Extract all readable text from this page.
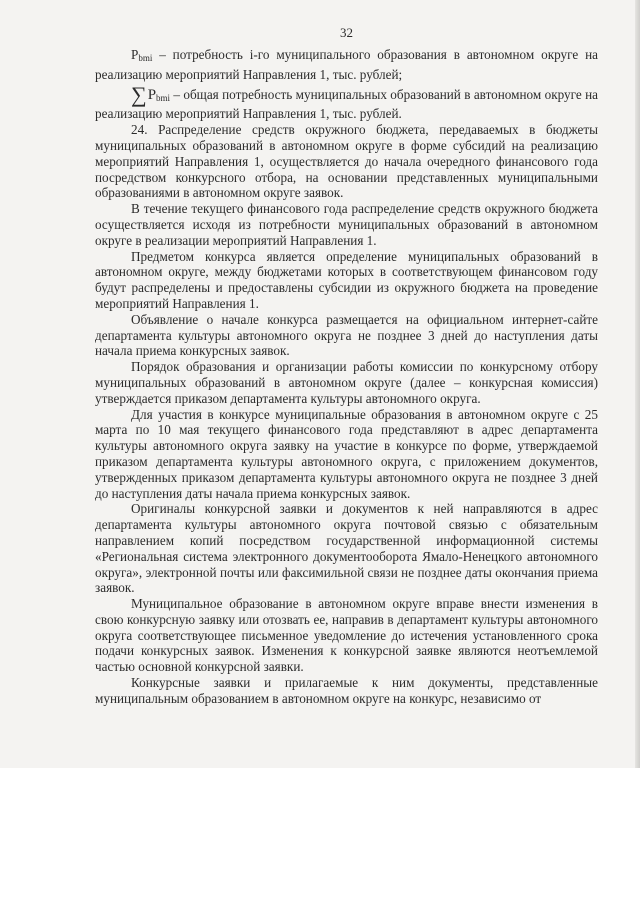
32

$P_{bmi}$ – потребность i-го муниципального образования в автономном округе на реализацию мероприятий Направления 1, тыс. рублей;

$\sum P_{bmi}$ – общая потребность муниципальных образований в автономном округе на реализацию мероприятий Направления 1, тыс. рублей.

24. Распределение средств окружного бюджета, передаваемых в бюджеты муниципальных образований в автономном округе в форме субсидий на реализацию мероприятий Направления 1, осуществляется до начала очередного финансового года посредством конкурсного отбора, на основании представленных муниципальными образованиями в автономном округе заявок.

В течение текущего финансового года распределение средств окружного бюджета осуществляется исходя из потребности муниципальных образований в автономном округе в реализации мероприятий Направления 1.

Предметом конкурса является определение муниципальных образований в автономном округе, между бюджетами которых в соответствующем финансовом году будут распределены и предоставлены субсидии из окружного бюджета на проведение мероприятий Направления 1.

Объявление о начале конкурса размещается на официальном интернет-сайте департамента культуры автономного округа не позднее 3 дней до наступления даты начала приема конкурсных заявок.

Порядок образования и организации работы комиссии по конкурсному отбору муниципальных образований в автономном округе (далее – конкурсная комиссия) утверждается приказом департамента культуры автономного округа.

Для участия в конкурсе муниципальные образования в автономном округе с 25 марта по 10 мая текущего финансового года представляют в адрес департамента культуры автономного округа заявку на участие в конкурсе по форме, утверждаемой приказом департамента культуры автономного округа, с приложением документов, утвержденных приказом департамента культуры автономного округа не позднее 3 дней до наступления даты начала приема конкурсных заявок.

Оригиналы конкурсной заявки и документов к ней направляются в адрес департамента культуры автономного округа почтовой связью с обязательным направлением копий посредством государственной информационной системы «Региональная система электронного документооборота Ямало-Ненецкого автономного округа», электронной почты или факсимильной связи не позднее даты окончания приема заявок.

Муниципальное образование в автономном округе вправе внести изменения в свою конкурсную заявку или отозвать ее, направив в департамент культуры автономного округа соответствующее письменное уведомление до истечения установленного срока подачи конкурсных заявок. Изменения к конкурсной заявке являются неотъемлемой частью основной конкурсной заявки.

Конкурсные заявки и прилагаемые к ним документы, представленные муниципальным образованием в автономном округе на конкурс, независимо от
